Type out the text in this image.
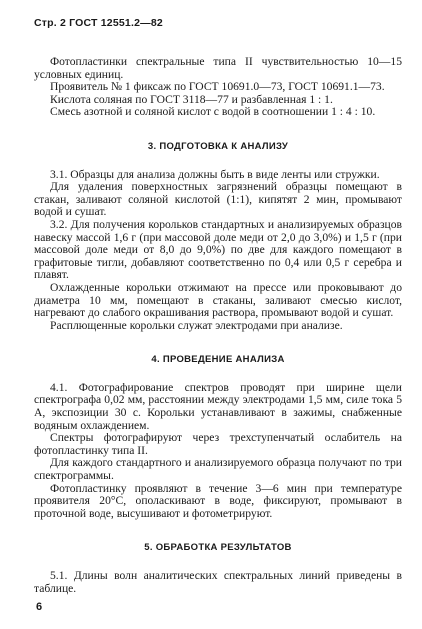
Стр. 2 ГОСТ 12551.2—82

Фотопластинки спектральные типа II чувствительностью 10—15 условных единиц.

Проявитель № 1 фиксаж по ГОСТ 10691.0—73, ГОСТ 10691.1—73.

Кислота соляная по ГОСТ 3118—77 и разбавленная 1 : 1.

Смесь азотной и соляной кислот с водой в соотношении 1 : 4 : 10.

3. ПОДГОТОВКА К АНАЛИЗУ

3.1. Образцы для анализа должны быть в виде ленты или стружки.

Для удаления поверхностных загрязнений образцы помещают в стакан, заливают соляной кислотой (1:1), кипятят 2 мин, промывают водой и сушат.

3.2. Для получения корольков стандартных и анализируемых образцов навеску массой 1,6 г (при массовой доле меди от 2,0 до 3,0%) и 1,5 г (при массовой доле меди от 8,0 до 9,0%) по две для каждого помещают в графитовые тигли, добавляют соответственно по 0,4 или 0,5 г серебра и плавят.

Охлажденные корольки отжимают на прессе или проковывают до диаметра 10 мм, помещают в стаканы, заливают смесью кислот, нагревают до слабого окрашивания раствора, промывают водой и сушат.

Расплющенные корольки служат электродами при анализе.

4. ПРОВЕДЕНИЕ АНАЛИЗА

4.1. Фотографирование спектров проводят при ширине щели спектрографа 0,02 мм, расстоянии между электродами 1,5 мм, силе тока 5 А, экспозиции 30 с. Корольки устанавливают в зажимы, снабженные водяным охлаждением.

Спектры фотографируют через трехступенчатый ослабитель на фотопластинку типа II.

Для каждого стандартного и анализируемого образца получают по три спектрограммы.

Фотопластинку проявляют в течение 3—6 мин при температуре проявителя 20°С, ополаскивают в воде, фиксируют, промывают в проточной воде, высушивают и фотометрируют.

5. ОБРАБОТКА РЕЗУЛЬТАТОВ

5.1. Длины волн аналитических спектральных линий приведены в таблице.

6
